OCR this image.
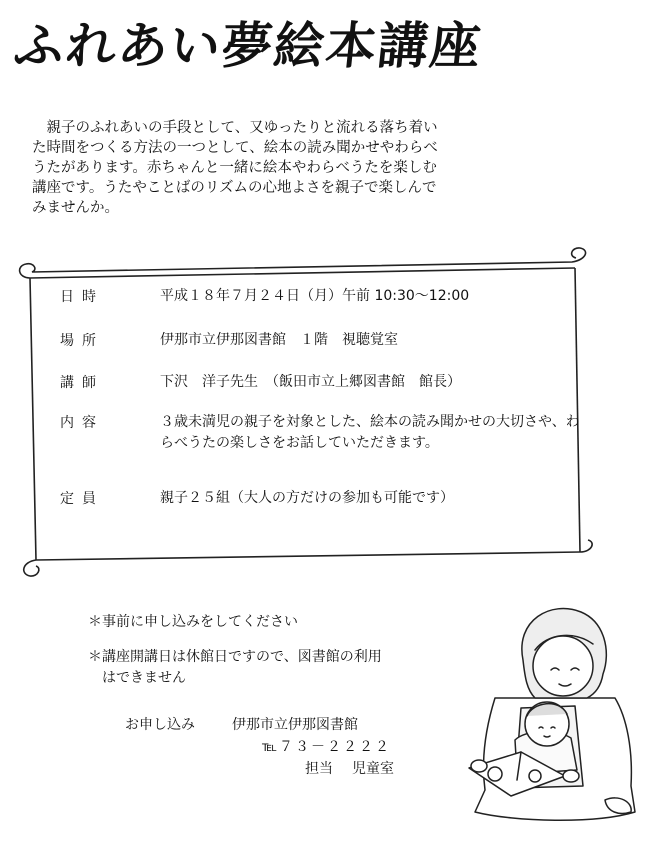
ふれあい夢絵本講座

親子のふれあいの手段として、又ゆったりと流れる落ち着い

た時間をつくる方法の一つとして、絵本の読み聞かせやわらべ

うたがあります。赤ちゃんと一緒に絵本やわらべうたを楽しむ

講座です。うたやことばのリズムの心地よさを親子で楽しんで

みませんか。

日時	平成１８年７月２４日（月）午前 10:30〜12:00
場所	伊那市立伊那図書館　１階　視聴覚室
講師	下沢　洋子先生　（飯田市立上郷図書館　館長）
内容	３歳未満児の親子を対象とした、絵本の読み聞かせの大切さや、わらべうたの楽しさをお話していただきます。
定員	親子２５組（大人の方だけの参加も可能です）
＊ 事前に申し込みをしてください
＊ 講座開講日は休館日ですので、図書館の利用はできません
お申し込み	伊那市立伊那図書館
℡７３－２２２２
担当 児童室
